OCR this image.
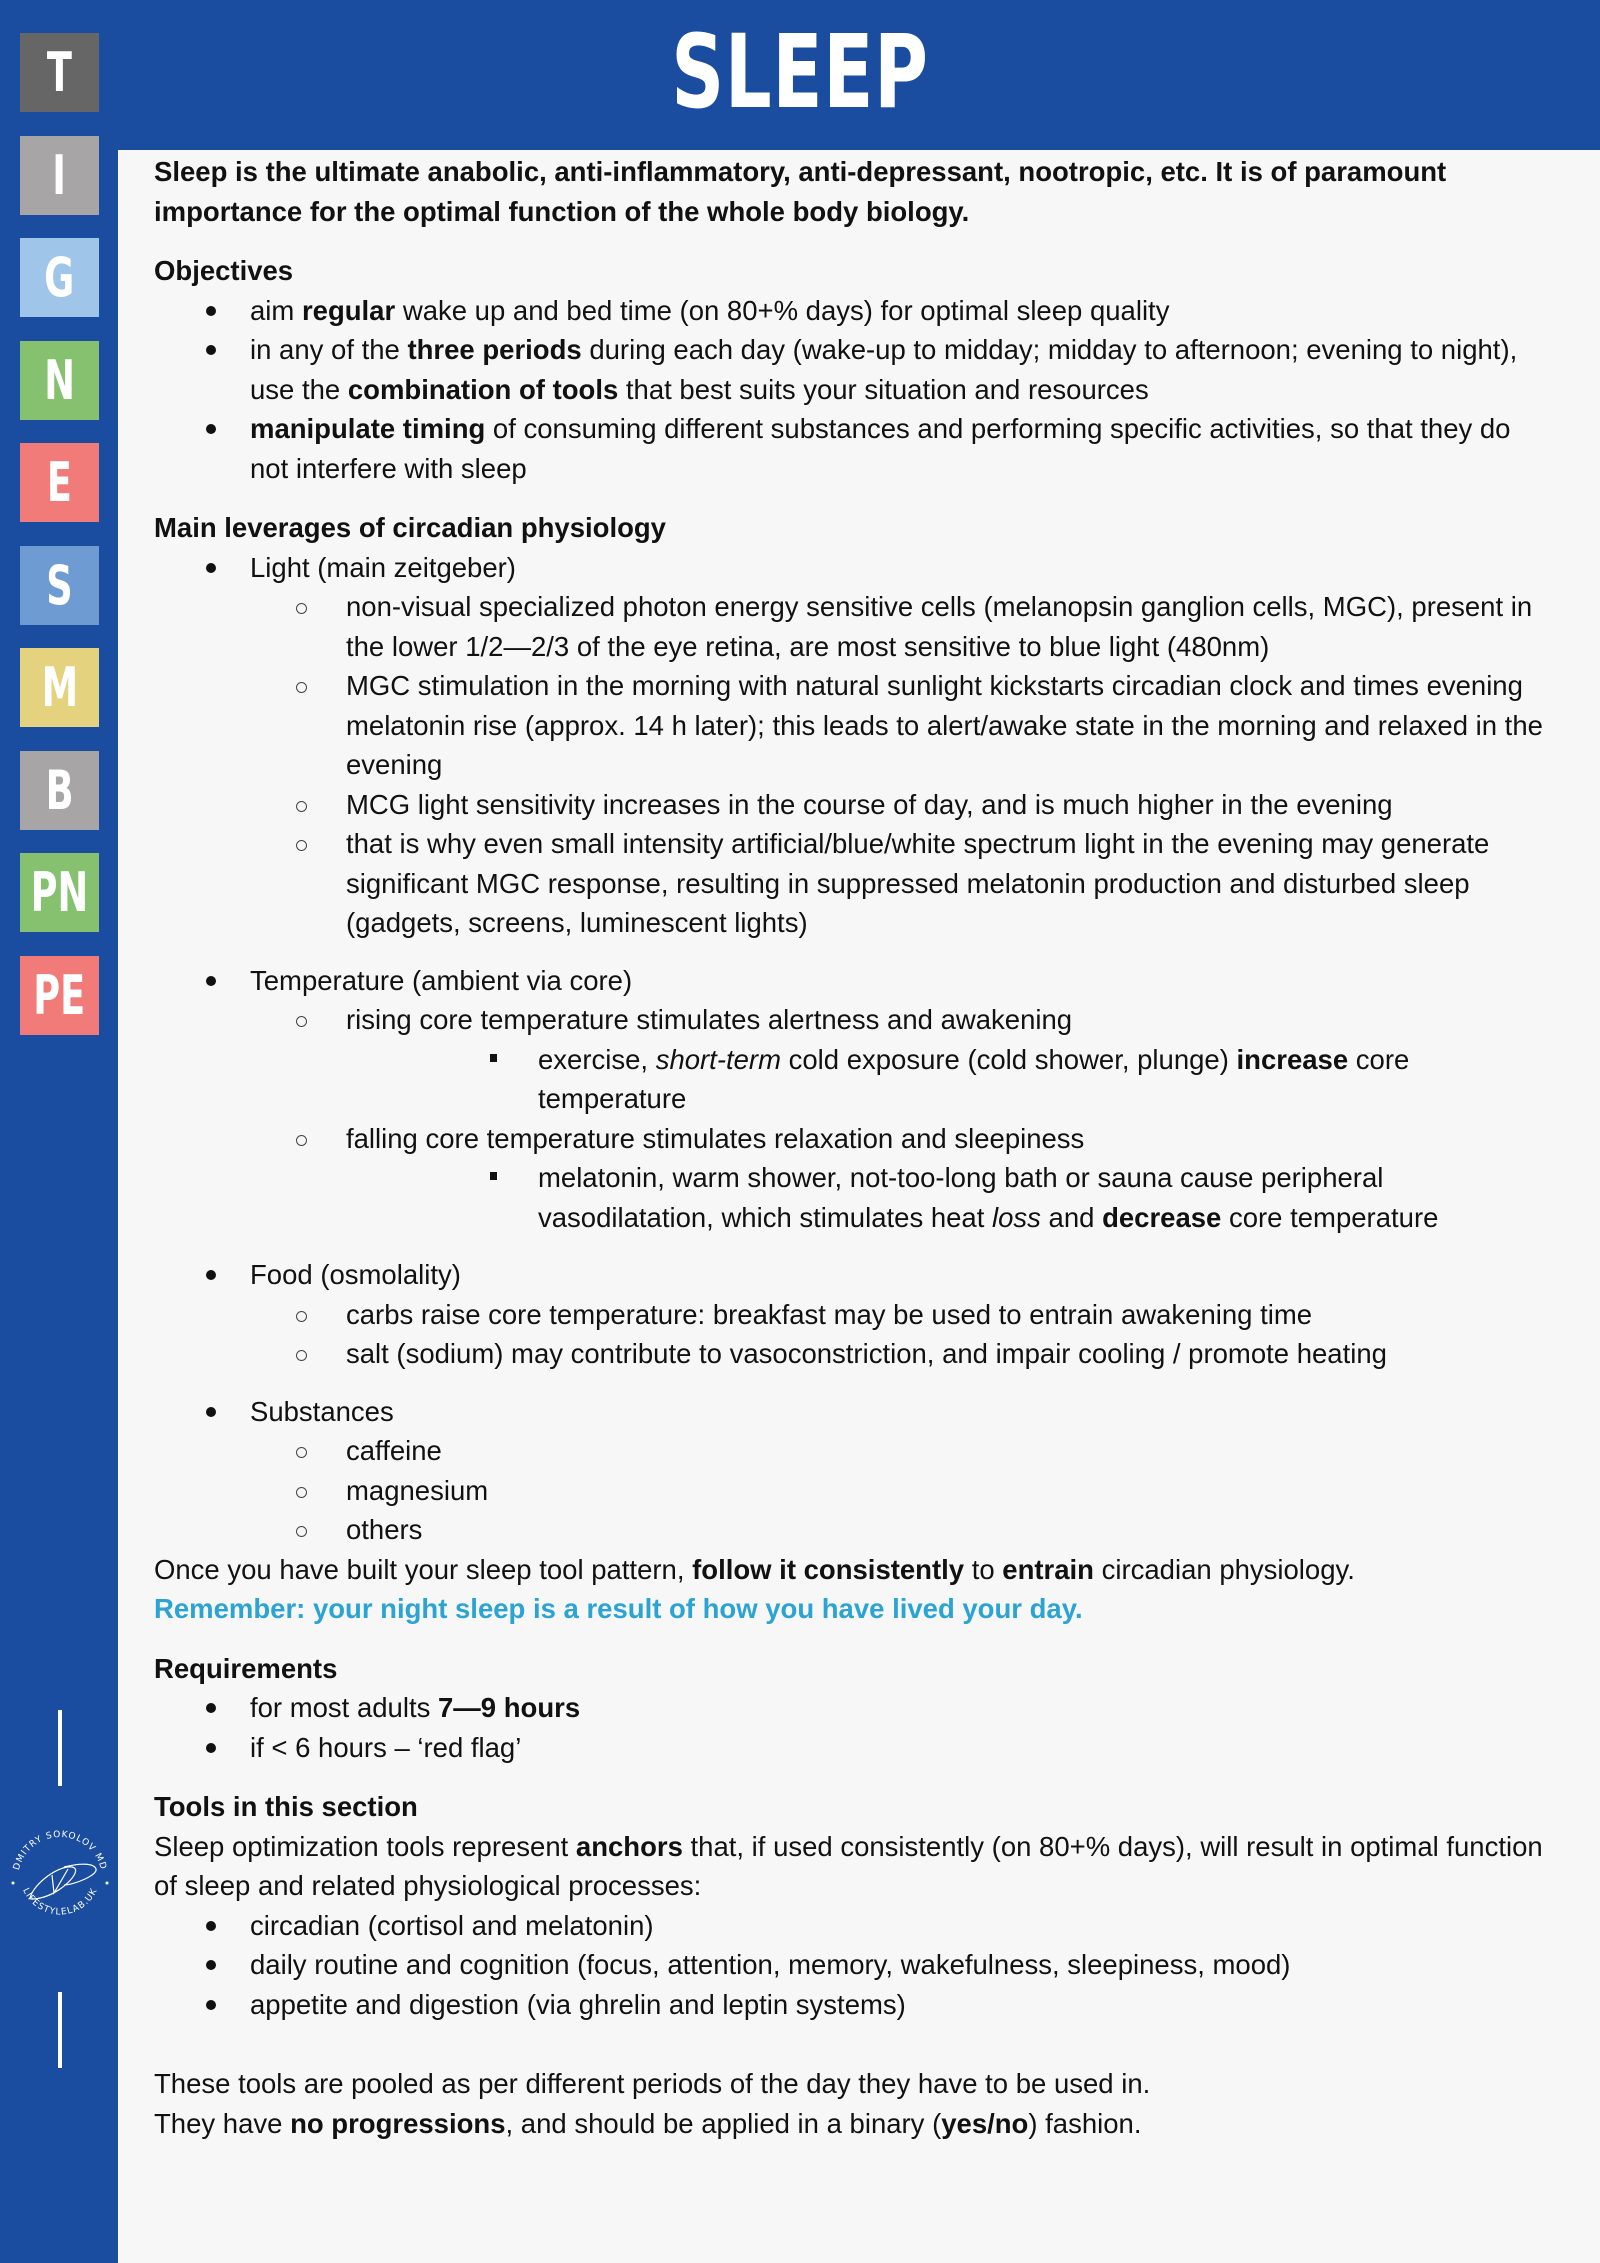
T
I
G
N
E
S
M
B
PN
PE
DMITRY SOKOLOV MD
LIFESTYLELAB.UK
SLEEP

Sleep is the ultimate anabolic, anti-inflammatory, anti-depressant, nootropic, etc. It is of paramount
importance for the optimal function of the whole body biology.

Objectives

aim regular wake up and bed time (on 80+% days) for optimal sleep quality
in any of the three periods during each day (wake-up to midday; midday to afternoon; evening to night), use the combination of tools that best suits your situation and resources
manipulate timing of consuming different substances and performing specific activities, so that they do not interfere with sleep

Main leverages of circadian physiology

Light (main zeitgeber)
non-visual specialized photon energy sensitive cells (melanopsin ganglion cells, MGC), present in the lower 1/2—2/3 of the eye retina, are most sensitive to blue light (480nm)
MGC stimulation in the morning with natural sunlight kickstarts circadian clock and times evening melatonin rise (approx. 14 h later); this leads to alert/awake state in the morning and relaxed in the evening
MCG light sensitivity increases in the course of day, and is much higher in the evening
that is why even small intensity artificial/blue/white spectrum light in the evening may generate significant MGC response, resulting in suppressed melatonin production and disturbed sleep (gadgets, screens, luminescent lights)
Temperature (ambient via core)
rising core temperature stimulates alertness and awakening
exercise, short-term cold exposure (cold shower, plunge) increase core temperature
falling core temperature stimulates relaxation and sleepiness
melatonin, warm shower, not-too-long bath or sauna cause peripheral vasodilatation, which stimulates heat loss and decrease core temperature
Food (osmolality)
carbs raise core temperature: breakfast may be used to entrain awakening time
salt (sodium) may contribute to vasoconstriction, and impair cooling / promote heating
Substances
caffeine
magnesium
others

Once you have built your sleep tool pattern, follow it consistently to entrain circadian physiology.

Remember: your night sleep is a result of how you have lived your day.

Requirements

for most adults 7—9 hours
if < 6 hours – ‘red flag’

Tools in this section

Sleep optimization tools represent anchors that, if used consistently (on 80+% days), will result in optimal function of sleep and related physiological processes:

circadian (cortisol and melatonin)
daily routine and cognition (focus, attention, memory, wakefulness, sleepiness, mood)
appetite and digestion (via ghrelin and leptin systems)

These tools are pooled as per different periods of the day they have to be used in.

They have no progressions, and should be applied in a binary (yes/no) fashion.
